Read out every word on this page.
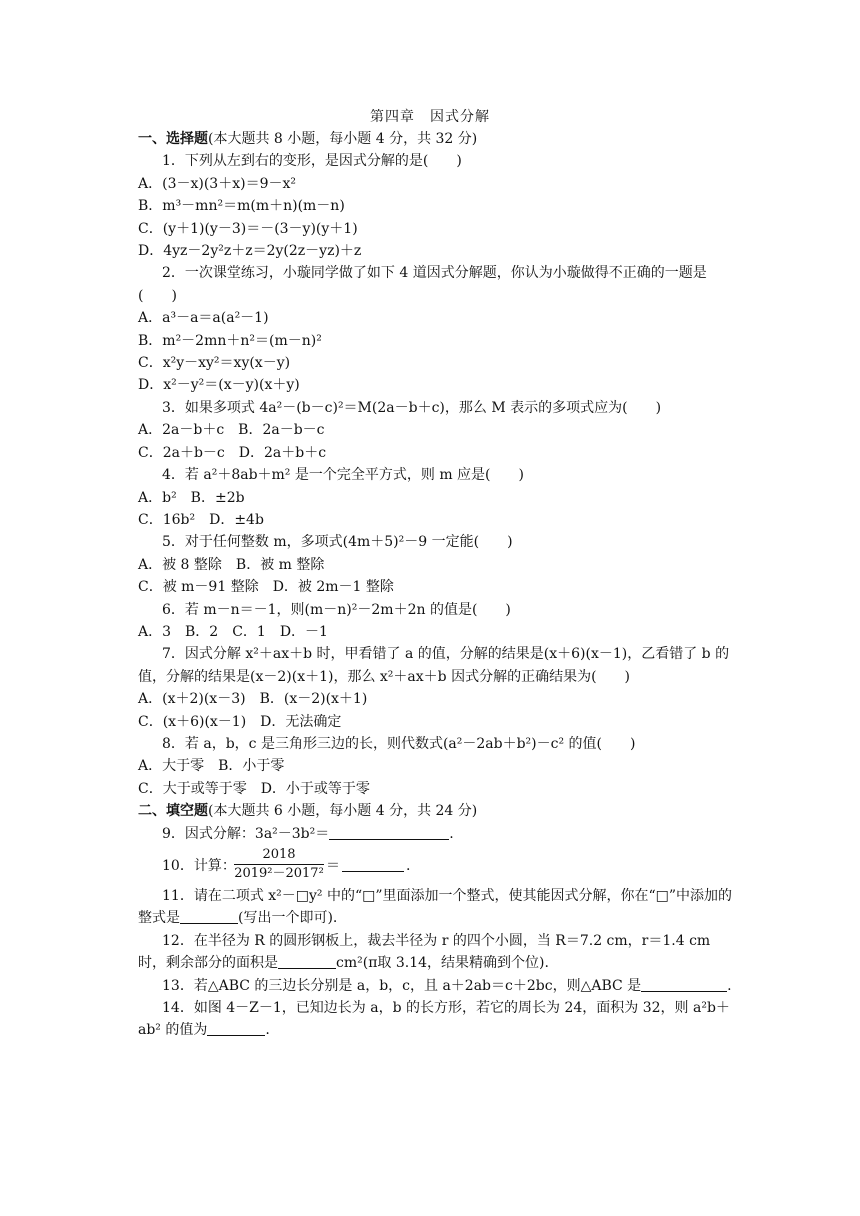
第四章　因式分解
一、选择题(本大题共 8 小题，每小题 4 分，共 32 分)
1．下列从左到右的变形，是因式分解的是(　　)
A．(3－x)(3＋x)＝9－x²
B．m³－mn²＝m(m＋n)(m－n)
C．(y＋1)(y－3)＝－(3－y)(y＋1)
D．4yz－2y²z＋z＝2y(2z－yz)＋z
2．一次课堂练习，小璇同学做了如下 4 道因式分解题，你认为小璇做得不正确的一题是(　　)
A．a³－a＝a(a²－1)
B．m²－2mn＋n²＝(m－n)²
C．x²y－xy²＝xy(x－y)
D．x²－y²＝(x－y)(x＋y)
3．如果多项式 4a²－(b－c)²＝M(2a－b＋c)，那么 M 表示的多项式应为(　　)
A．2a－b＋c　B．2a－b－c
C．2a＋b－c　D．2a＋b＋c
4．若 a²＋8ab＋m² 是一个完全平方式，则 m 应是(　　)
A．b²　B．±2b
C．16b²　D．±4b
5．对于任何整数 m，多项式(4m＋5)²－9 一定能(　　)
A．被 8 整除　B．被 m 整除
C．被 m－91 整除　D．被 2m－1 整除
6．若 m－n＝－1，则(m－n)²－2m＋2n 的值是(　　)
A．3　B．2　C．1　D．－1
7．因式分解 x²＋ax＋b 时，甲看错了 a 的值，分解的结果是(x＋6)(x－1)，乙看错了 b 的值，分解的结果是(x－2)(x＋1)，那么 x²＋ax＋b 因式分解的正确结果为(　　)
A．(x＋2)(x－3)　B．(x－2)(x＋1)
C．(x＋6)(x－1)　D．无法确定
8．若 a，b，c 是三角形三边的长，则代数式(a²－2ab＋b²)－c² 的值(　　)
A．大于零　B．小于零
C．大于或等于零　D．小于或等于零
二、填空题(本大题共 6 小题，每小题 4 分，共 24 分)
9．因式分解：3a²－3b²＝	.
10．计算：
$\frac{2018}{\text{2019²－2017²}}$ ＝	.
11．请在二项式 x²－□y² 中的“□”里面添加一个整式，使其能因式分解，你在“□”中添加的整式是	(写出一个即可).
12．在半径为 R 的圆形钢板上，裁去半径为 r 的四个小圆，当 R＝7.2 cm，r＝1.4 cm 时，剩余部分的面积是	cm²(π取 3.14，结果精确到个位).
13．若△ABC 的三边长分别是 a，b，c，且 a＋2ab＝c＋2bc，则△ABC 是	.
14．如图 4－Z－1，已知边长为 a，b 的长方形，若它的周长为 24，面积为 32，则 a²b＋ab² 的值为	.
